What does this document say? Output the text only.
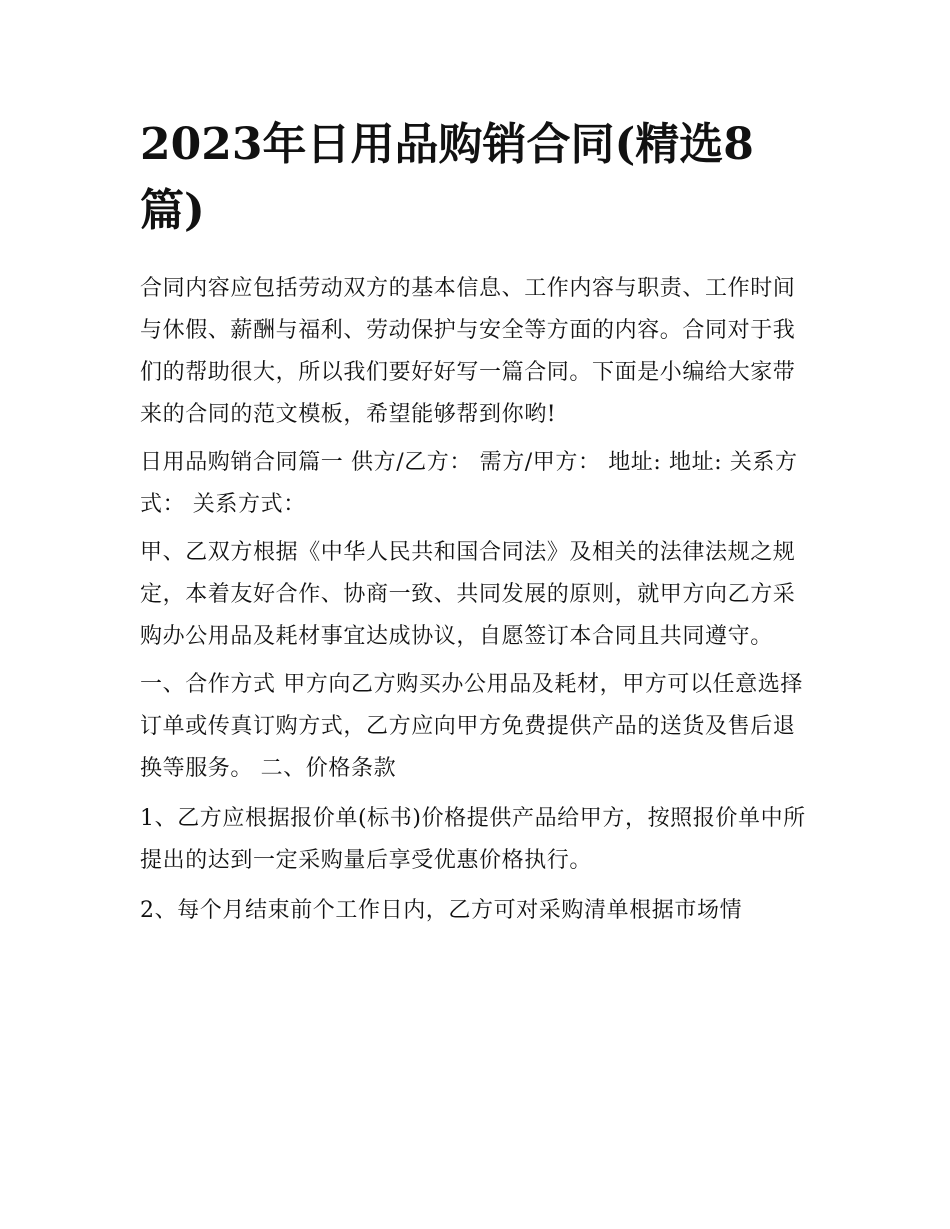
2023年日用品购销合同(精选8篇)

合同内容应包括劳动双方的基本信息、工作内容与职责、工作时间与休假、薪酬与福利、劳动保护与安全等方面的内容。合同对于我们的帮助很大，所以我们要好好写一篇合同。下面是小编给大家带来的合同的范文模板，希望能够帮到你哟!

日用品购销合同篇一 供方/乙方： 需方/甲方： 地址: 地址: 关系方式： 关系方式：

甲、乙双方根据《中华人民共和国合同法》及相关的法律法规之规定，本着友好合作、协商一致、共同发展的原则，就甲方向乙方采购办公用品及耗材事宜达成协议，自愿签订本合同且共同遵守。

一、合作方式 甲方向乙方购买办公用品及耗材，甲方可以任意选择订单或传真订购方式，乙方应向甲方免费提供产品的送货及售后退换等服务。 二、价格条款

1、乙方应根据报价单(标书)价格提供产品给甲方，按照报价单中所提出的达到一定采购量后享受优惠价格执行。

2、每个月结束前个工作日内，乙方可对采购清单根据市场情
